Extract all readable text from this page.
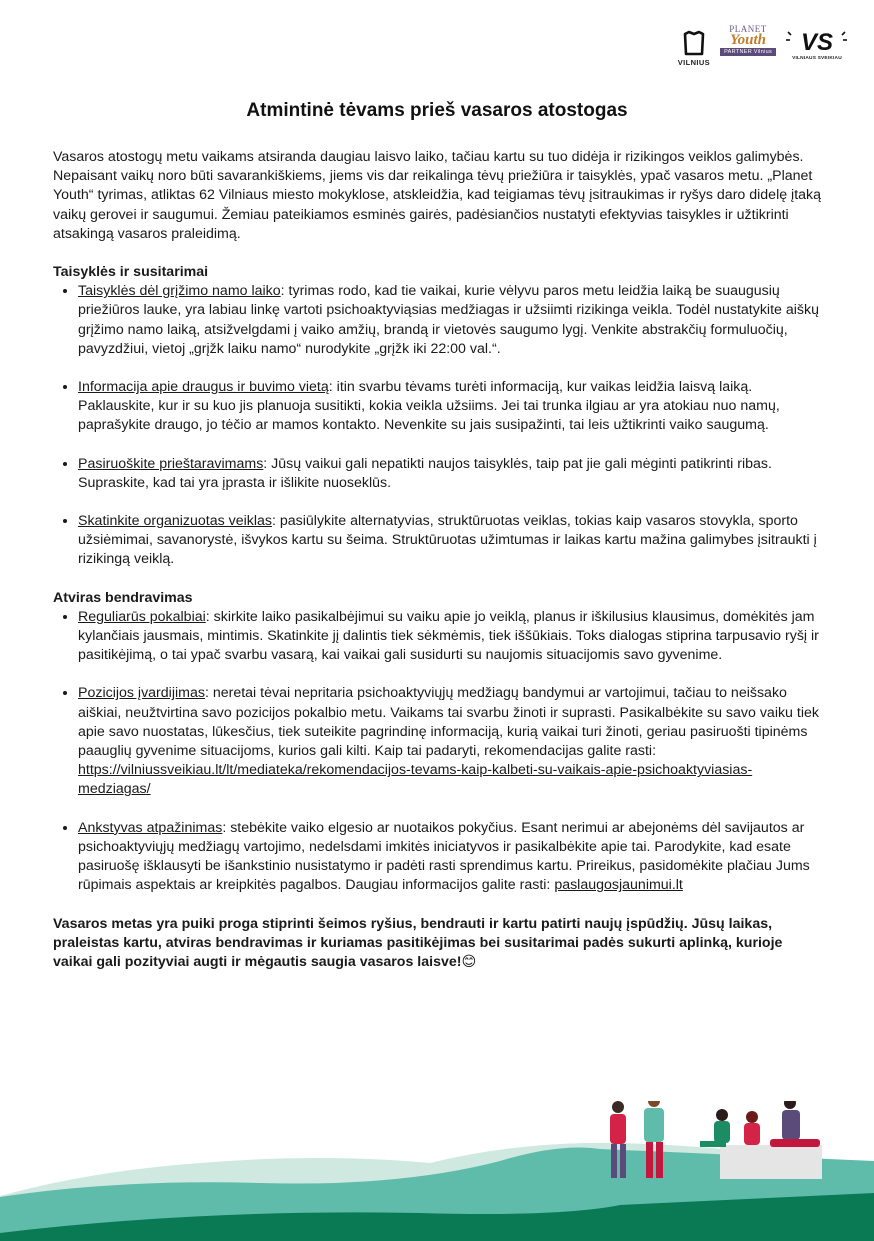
VILNIUS
PLANET
Youth
PARTNER Vilnius VS
VILNIAUS SVEIKIAU
Atmintinė tėvams prieš vasaros atostogas

Vasaros atostogų metu vaikams atsiranda daugiau laisvo laiko, tačiau kartu su tuo didėja ir rizikingos veiklos galimybės. Nepaisant vaikų noro būti savarankiškiems, jiems vis dar reikalinga tėvų priežiūra ir taisyklės, ypač vasaros metu. „Planet Youth“ tyrimas, atliktas 62 Vilniaus miesto mokyklose, atskleidžia, kad teigiamas tėvų įsitraukimas ir ryšys daro didelę įtaką vaikų gerovei ir saugumui. Žemiau pateikiamos esminės gairės, padėsiančios nustatyti efektyvias taisykles ir užtikrinti atsakingą vasaros praleidimą.

Taisyklės ir susitarimai

• Taisyklės dėl grįžimo namo laiko: tyrimas rodo, kad tie vaikai, kurie vėlyvu paros metu leidžia laiką be suaugusių priežiūros lauke, yra labiau linkę vartoti psichoaktyviąsias medžiagas ir užsiimti rizikinga veikla. Todėl nustatykite aiškų grįžimo namo laiką, atsižvelgdami į vaiko amžių, brandą ir vietovės saugumo lygį. Venkite abstrakčių formuluočių, pavyzdžiui, vietoj „grįžk laiku namo“ nurodykite „grįžk iki 22:00 val.“.
• Informacija apie draugus ir buvimo vietą: itin svarbu tėvams turėti informaciją, kur vaikas leidžia laisvą laiką. Paklauskite, kur ir su kuo jis planuoja susitikti, kokia veikla užsiims. Jei tai trunka ilgiau ar yra atokiau nuo namų, paprašykite draugo, jo tėčio ar mamos kontakto. Nevenkite su jais susipažinti, tai leis užtikrinti vaiko saugumą.
• Pasiruoškite prieštaravimams: Jūsų vaikui gali nepatikti naujos taisyklės, taip pat jie gali mėginti patikrinti ribas. Supraskite, kad tai yra įprasta ir išlikite nuoseklūs.
• Skatinkite organizuotas veiklas: pasiūlykite alternatyvias, struktūruotas veiklas, tokias kaip vasaros stovykla, sporto užsiėmimai, savanorystė, išvykos kartu su šeima. Struktūruotas užimtumas ir laikas kartu mažina galimybes įsitraukti į rizikingą veiklą.

Atviras bendravimas

• Reguliarūs pokalbiai: skirkite laiko pasikalbėjimui su vaiku apie jo veiklą, planus ir iškilusius klausimus, domėkitės jam kylančiais jausmais, mintimis. Skatinkite jį dalintis tiek sėkmėmis, tiek iššūkiais. Toks dialogas stiprina tarpusavio ryšį ir pasitikėjimą, o tai ypač svarbu vasarą, kai vaikai gali susidurti su naujomis situacijomis savo gyvenime.
• Pozicijos įvardijimas: neretai tėvai nepritaria psichoaktyviųjų medžiagų bandymui ar vartojimui, tačiau to neišsako aiškiai, neužtvirtina savo pozicijos pokalbio metu. Vaikams tai svarbu žinoti ir suprasti. Pasikalbėkite su savo vaiku tiek apie savo nuostatas, lūkesčius, tiek suteikite pagrindinę informaciją, kurią vaikai turi žinoti, geriau pasiruošti tipinėms paauglių gyvenime situacijoms, kurios gali kilti. Kaip tai padaryti, rekomendacijas galite rasti: https://vilniussveikiau.lt/lt/mediateka/rekomendacijos-tevams-kaip-kalbeti-su-vaikais-apie-psichoaktyviasias-medziagas/
• Ankstyvas atpažinimas: stebėkite vaiko elgesio ar nuotaikos pokyčius. Esant nerimui ar abejonėms dėl savijautos ar psichoaktyviųjų medžiagų vartojimo, nedelsdami imkitės iniciatyvos ir pasikalbėkite apie tai. Parodykite, kad esate pasiruošę išklausyti be išankstinio nusistatymo ir padėti rasti sprendimus kartu. Prireikus, pasidomėkite plačiau Jums rūpimais aspektais ar kreipkitės pagalbos. Daugiau informacijos galite rasti: paslaugosjaunimui.lt

Vasaros metas yra puiki proga stiprinti šeimos ryšius, bendrauti ir kartu patirti naujų įspūdžių. Jūsų laikas, praleistas kartu, atviras bendravimas ir kuriamas pasitikėjimas bei susitarimai padės sukurti aplinką, kurioje vaikai gali pozityviai augti ir mėgautis saugia vasaros laisve!😊
